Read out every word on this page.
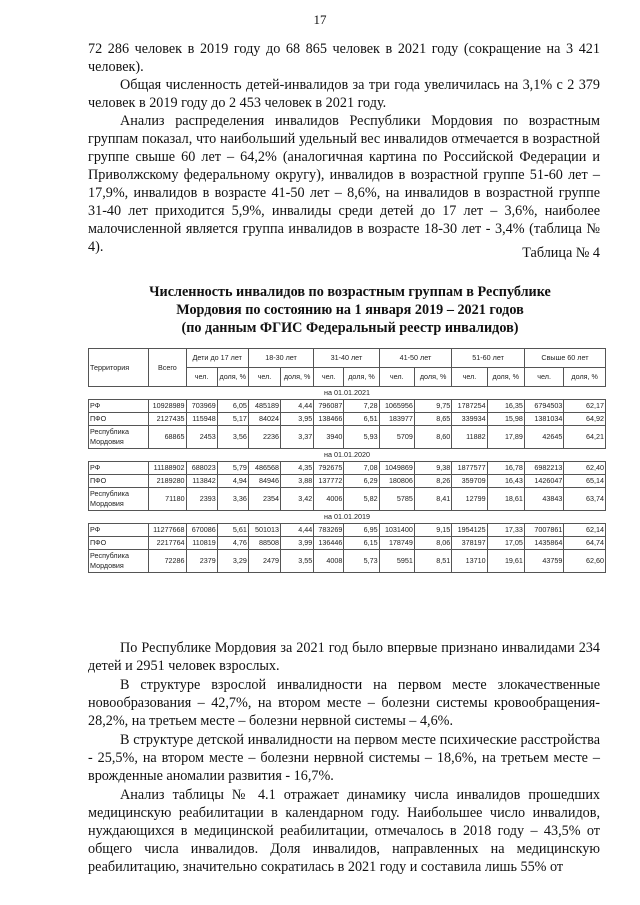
17

72 286 человек в 2019 году до 68 865 человек в 2021 году (сокращение на 3 421 человек).

Общая численность детей-инвалидов за три года увеличилась на 3,1% с 2 379 человек в 2019 году до 2 453 человек в 2021 году.

Анализ распределения инвалидов Республики Мордовия по возрастным группам показал, что наибольший удельный вес инвалидов отмечается в возрастной группе свыше 60 лет – 64,2% (аналогичная картина по Российской Федерации и Приволжскому федеральному округу), инвалидов в возрастной группе 51-60 лет – 17,9%, инвалидов в возрасте 41-50 лет – 8,6%, на инвалидов в возрастной группе 31-40 лет приходится 5,9%, инвалиды среди детей до 17 лет – 3,6%, наиболее малочисленной является группа инвалидов в возрасте 18-30 лет - 3,4% (таблица № 4).	Таблица № 4
Численность инвалидов по возрастным группам в Республике
Мордовия по состоянию на 1 января 2019 – 2021 годов
(по данным ФГИС Федеральный реестр инвалидов)
Территория	Всего	Дети до 17 лет		18-30 лет		31-40 лет		41-50 лет		51-60 лет		Свыше 60 лет	
		чел.	доля, %	чел.	доля, %	чел.	доля, %	чел.	доля, %	чел.	доля, %	чел.	доля, %
на 01.01.2021													
РФ	10928989	703969	6,05	485189	4,44	796087	7,28	1065956	9,75	1787254	16,35	6794503	62,17
ПФО	2127435	115948	5,17	84024	3,95	138466	6,51	183977	8,65	339934	15,98	1381034	64,92
Республика Мордовия	68865	2453	3,56	2236	3,37	3940	5,93	5709	8,60	11882	17,89	42645	64,21
на 01.01.2020													
РФ	11188902	688023	5,79	486568	4,35	792675	7,08	1049869	9,38	1877577	16,78	6982213	62,40
ПФО	2189280	113842	4,94	84946	3,88	137772	6,29	180806	8,26	359709	16,43	1426047	65,14
Республика Мордовия	71180	2393	3,36	2354	3,42	4006	5,82	5785	8,41	12799	18,61	43843	63,74
на 01.01.2019													
РФ	11277668	670086	5,61	501013	4,44	783269	6,95	1031400	9,15	1954125	17,33	7007861	62,14
ПФО	2217764	110819	4,76	88508	3,99	136446	6,15	178749	8,06	378197	17,05	1435864	64,74
Республика Мордовия	72286	2379	3,29	2479	3,55	4008	5,73	5951	8,51	13710	19,61	43759	62,60

По Республике Мордовия за 2021 год было впервые признано инвалидами 234 детей и 2951 человек взрослых.

В структуре взрослой инвалидности на первом месте злокачественные новообразования – 42,7%, на втором месте – болезни системы кровообращения- 28,2%, на третьем месте – болезни нервной системы – 4,6%.

В структуре детской инвалидности на первом месте психические расстройства - 25,5%, на втором месте – болезни нервной системы – 18,6%, на третьем месте – врожденные аномалии развития - 16,7%.

Анализ таблицы № 4.1 отражает динамику числа инвалидов прошедших медицинскую реабилитации в календарном году. Наибольшее число инвалидов, нуждающихся в медицинской реабилитации, отмечалось в 2018 году – 43,5% от общего числа инвалидов. Доля инвалидов, направленных на медицинскую реабилитацию, значительно сократилась в 2021 году и составила лишь 55% от
